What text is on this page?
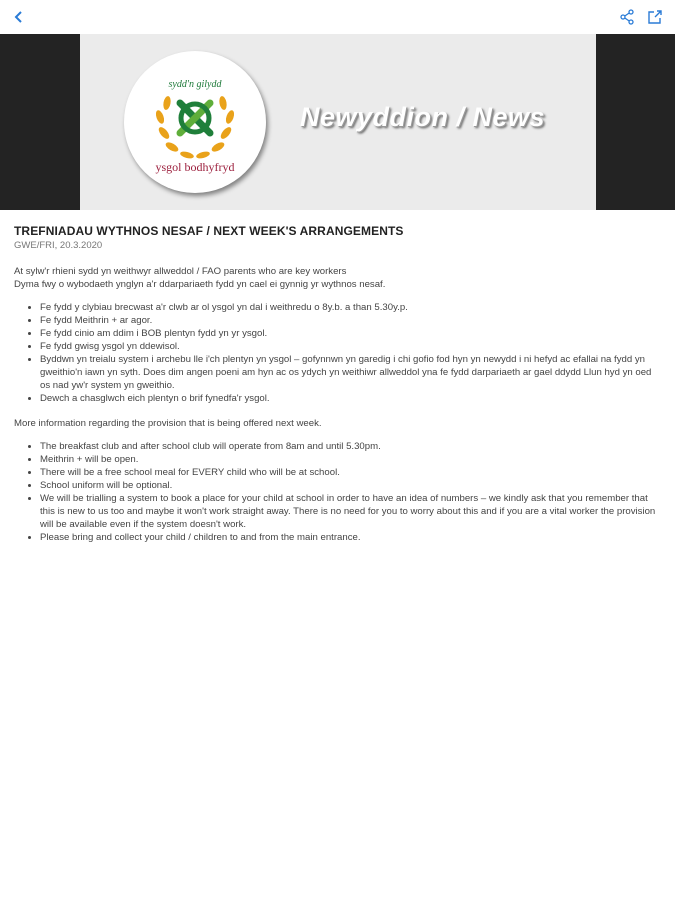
sydd'n gilydd
ysgol bodhyfryd
Newyddion / News
TREFNIADAU WYTHNOS NESAF / NEXT WEEK'S ARRANGEMENTS
GWE/FRI, 20.3.2020

At sylw'r rhieni sydd yn weithwyr allweddol / FAO parents who are key workers

Dyma fwy o wybodaeth ynglyn a'r ddarpariaeth fydd yn cael ei gynnig yr wythnos nesaf.

• Fe fydd y clybiau brecwast a'r clwb ar ol ysgol yn dal i weithredu o 8y.b. a than 5.30y.p.
• Fe fydd Meithrin + ar agor.
• Fe fydd cinio am ddim i BOB plentyn fydd yn yr ysgol.
• Fe fydd gwisg ysgol yn ddewisol.
• Byddwn yn treialu system i archebu lle i'ch plentyn yn ysgol – gofynnwn yn garedig i chi gofio fod hyn yn newydd i ni hefyd ac efallai na fydd yn gweithio'n iawn yn syth. Does dim angen poeni am hyn ac os ydych yn weithiwr allweddol yna fe fydd darpariaeth ar gael ddydd Llun hyd yn oed os nad yw'r system yn gweithio.
• Dewch a chasglwch eich plentyn o brif fynedfa'r ysgol.

More information regarding the provision that is being offered next week.

• The breakfast club and after school club will operate from 8am and until 5.30pm.
• Meithrin + will be open.
• There will be a free school meal for EVERY child who will be at school.
• School uniform will be optional.
• We will be trialling a system to book a place for your child at school in order to have an idea of numbers – we kindly ask that you remember that this is new to us too and maybe it won't work straight away. There is no need for you to worry about this and if you are a vital worker the provision will be available even if the system doesn't work.
• Please bring and collect your child / children to and from the main entrance.
